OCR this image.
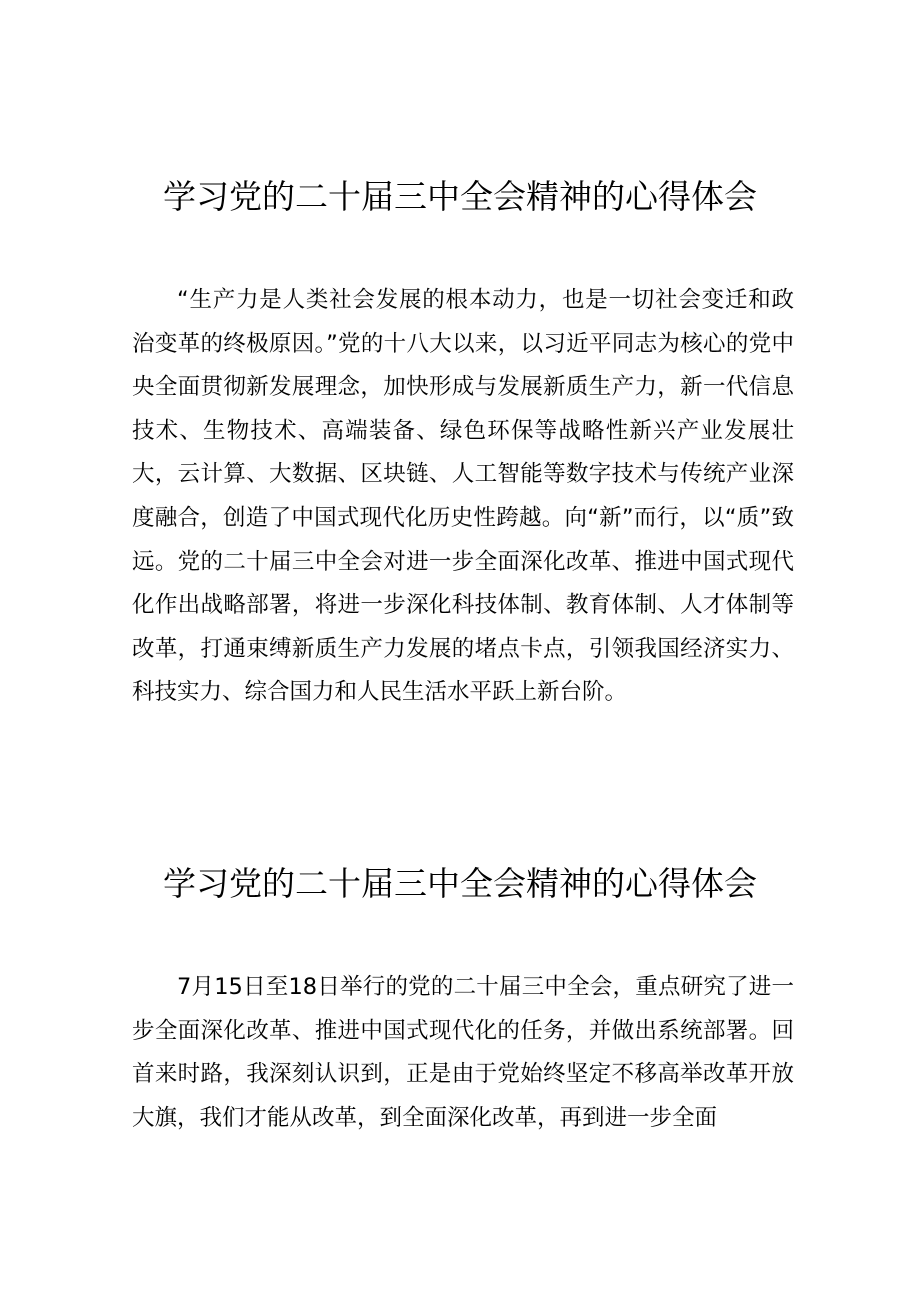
学习党的二十届三中全会精神的心得体会

“生产力是人类社会发展的根本动力，也是一切社会变迁和政治变革的终极原因。”党的十八大以来，以习近平同志为核心的党中央全面贯彻新发展理念，加快形成与发展新质生产力，新一代信息技术、生物技术、高端装备、绿色环保等战略性新兴产业发展壮大，云计算、大数据、区块链、人工智能等数字技术与传统产业深度融合，创造了中国式现代化历史性跨越。向“新”而行，以“质”致远。党的二十届三中全会对进一步全面深化改革、推进中国式现代化作出战略部署，将进一步深化科技体制、教育体制、人才体制等改革，打通束缚新质生产力发展的堵点卡点，引领我国经济实力、科技实力、综合国力和人民生活水平跃上新台阶。

学习党的二十届三中全会精神的心得体会

7月15日至18日举行的党的二十届三中全会，重点研究了进一步全面深化改革、推进中国式现代化的任务，并做出系统部署。回首来时路，我深刻认识到，正是由于党始终坚定不移高举改革开放大旗，我们才能从改革，到全面深化改革，再到进一步全面
